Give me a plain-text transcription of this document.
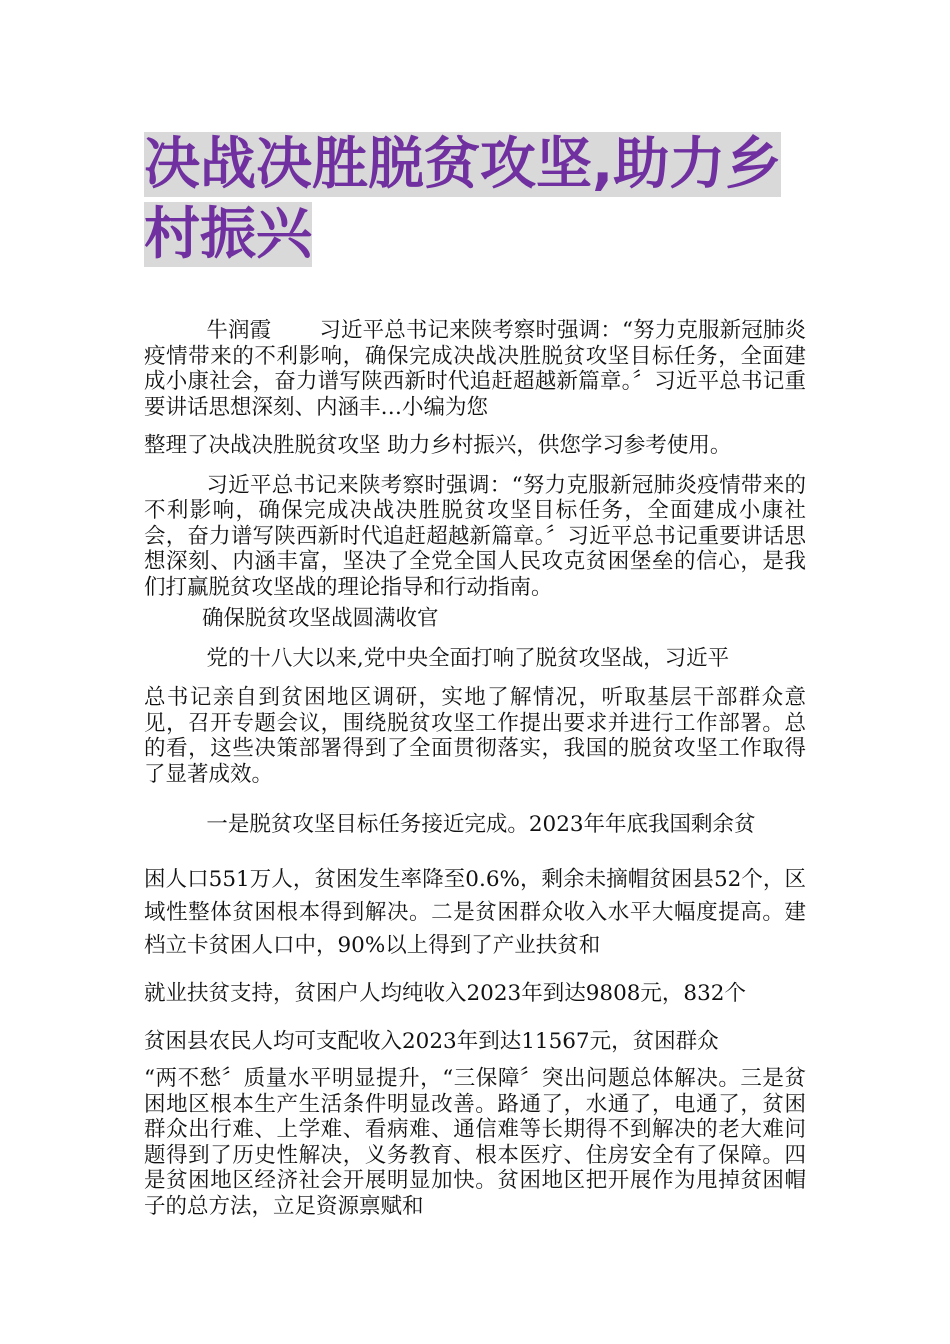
决战决胜脱贫攻坚,助力乡村振兴

牛润霞 习近平总书记来陕考察时强调：“努力克服新冠肺炎疫情带来的不利影响，确保完成决战决胜脱贫攻坚目标任务，全面建成小康社会，奋力谱写陕西新时代追赶超越新篇章。〞习近平总书记重要讲话思想深刻、内涵丰…小编为您

整理了决战决胜脱贫攻坚 助力乡村振兴，供您学习参考使用。

习近平总书记来陕考察时强调：“努力克服新冠肺炎疫情带来的不利影响，确保完成决战决胜脱贫攻坚目标任务，全面建成小康社会，奋力谱写陕西新时代追赶超越新篇章。〞习近平总书记重要讲话思想深刻、内涵丰富，坚决了全党全国人民攻克贫困堡垒的信心，是我们打赢脱贫攻坚战的理论指导和行动指南。

确保脱贫攻坚战圆满收官

党的十八大以来,党中央全面打响了脱贫攻坚战，习近平

总书记亲自到贫困地区调研，实地了解情况，听取基层干部群众意见，召开专题会议，围绕脱贫攻坚工作提出要求并进行工作部署。总的看，这些决策部署得到了全面贯彻落实，我国的脱贫攻坚工作取得了显著成效。

一是脱贫攻坚目标任务接近完成。2023年年底我国剩余贫

困人口551万人，贫困发生率降至0.6%，剩余未摘帽贫困县52个，区域性整体贫困根本得到解决。二是贫困群众收入水平大幅度提高。建档立卡贫困人口中，90%以上得到了产业扶贫和

就业扶贫支持，贫困户人均纯收入2023年到达9808元，832个

贫困县农民人均可支配收入2023年到达11567元，贫困群众

“两不愁〞质量水平明显提升，“三保障〞突出问题总体解决。三是贫困地区根本生产生活条件明显改善。路通了，水通了，电通了，贫困群众出行难、上学难、看病难、通信难等长期得不到解决的老大难问题得到了历史性解决，义务教育、根本医疗、住房安全有了保障。四是贫困地区经济社会开展明显加快。贫困地区把开展作为甩掉贫困帽子的总方法，立足资源禀赋和
